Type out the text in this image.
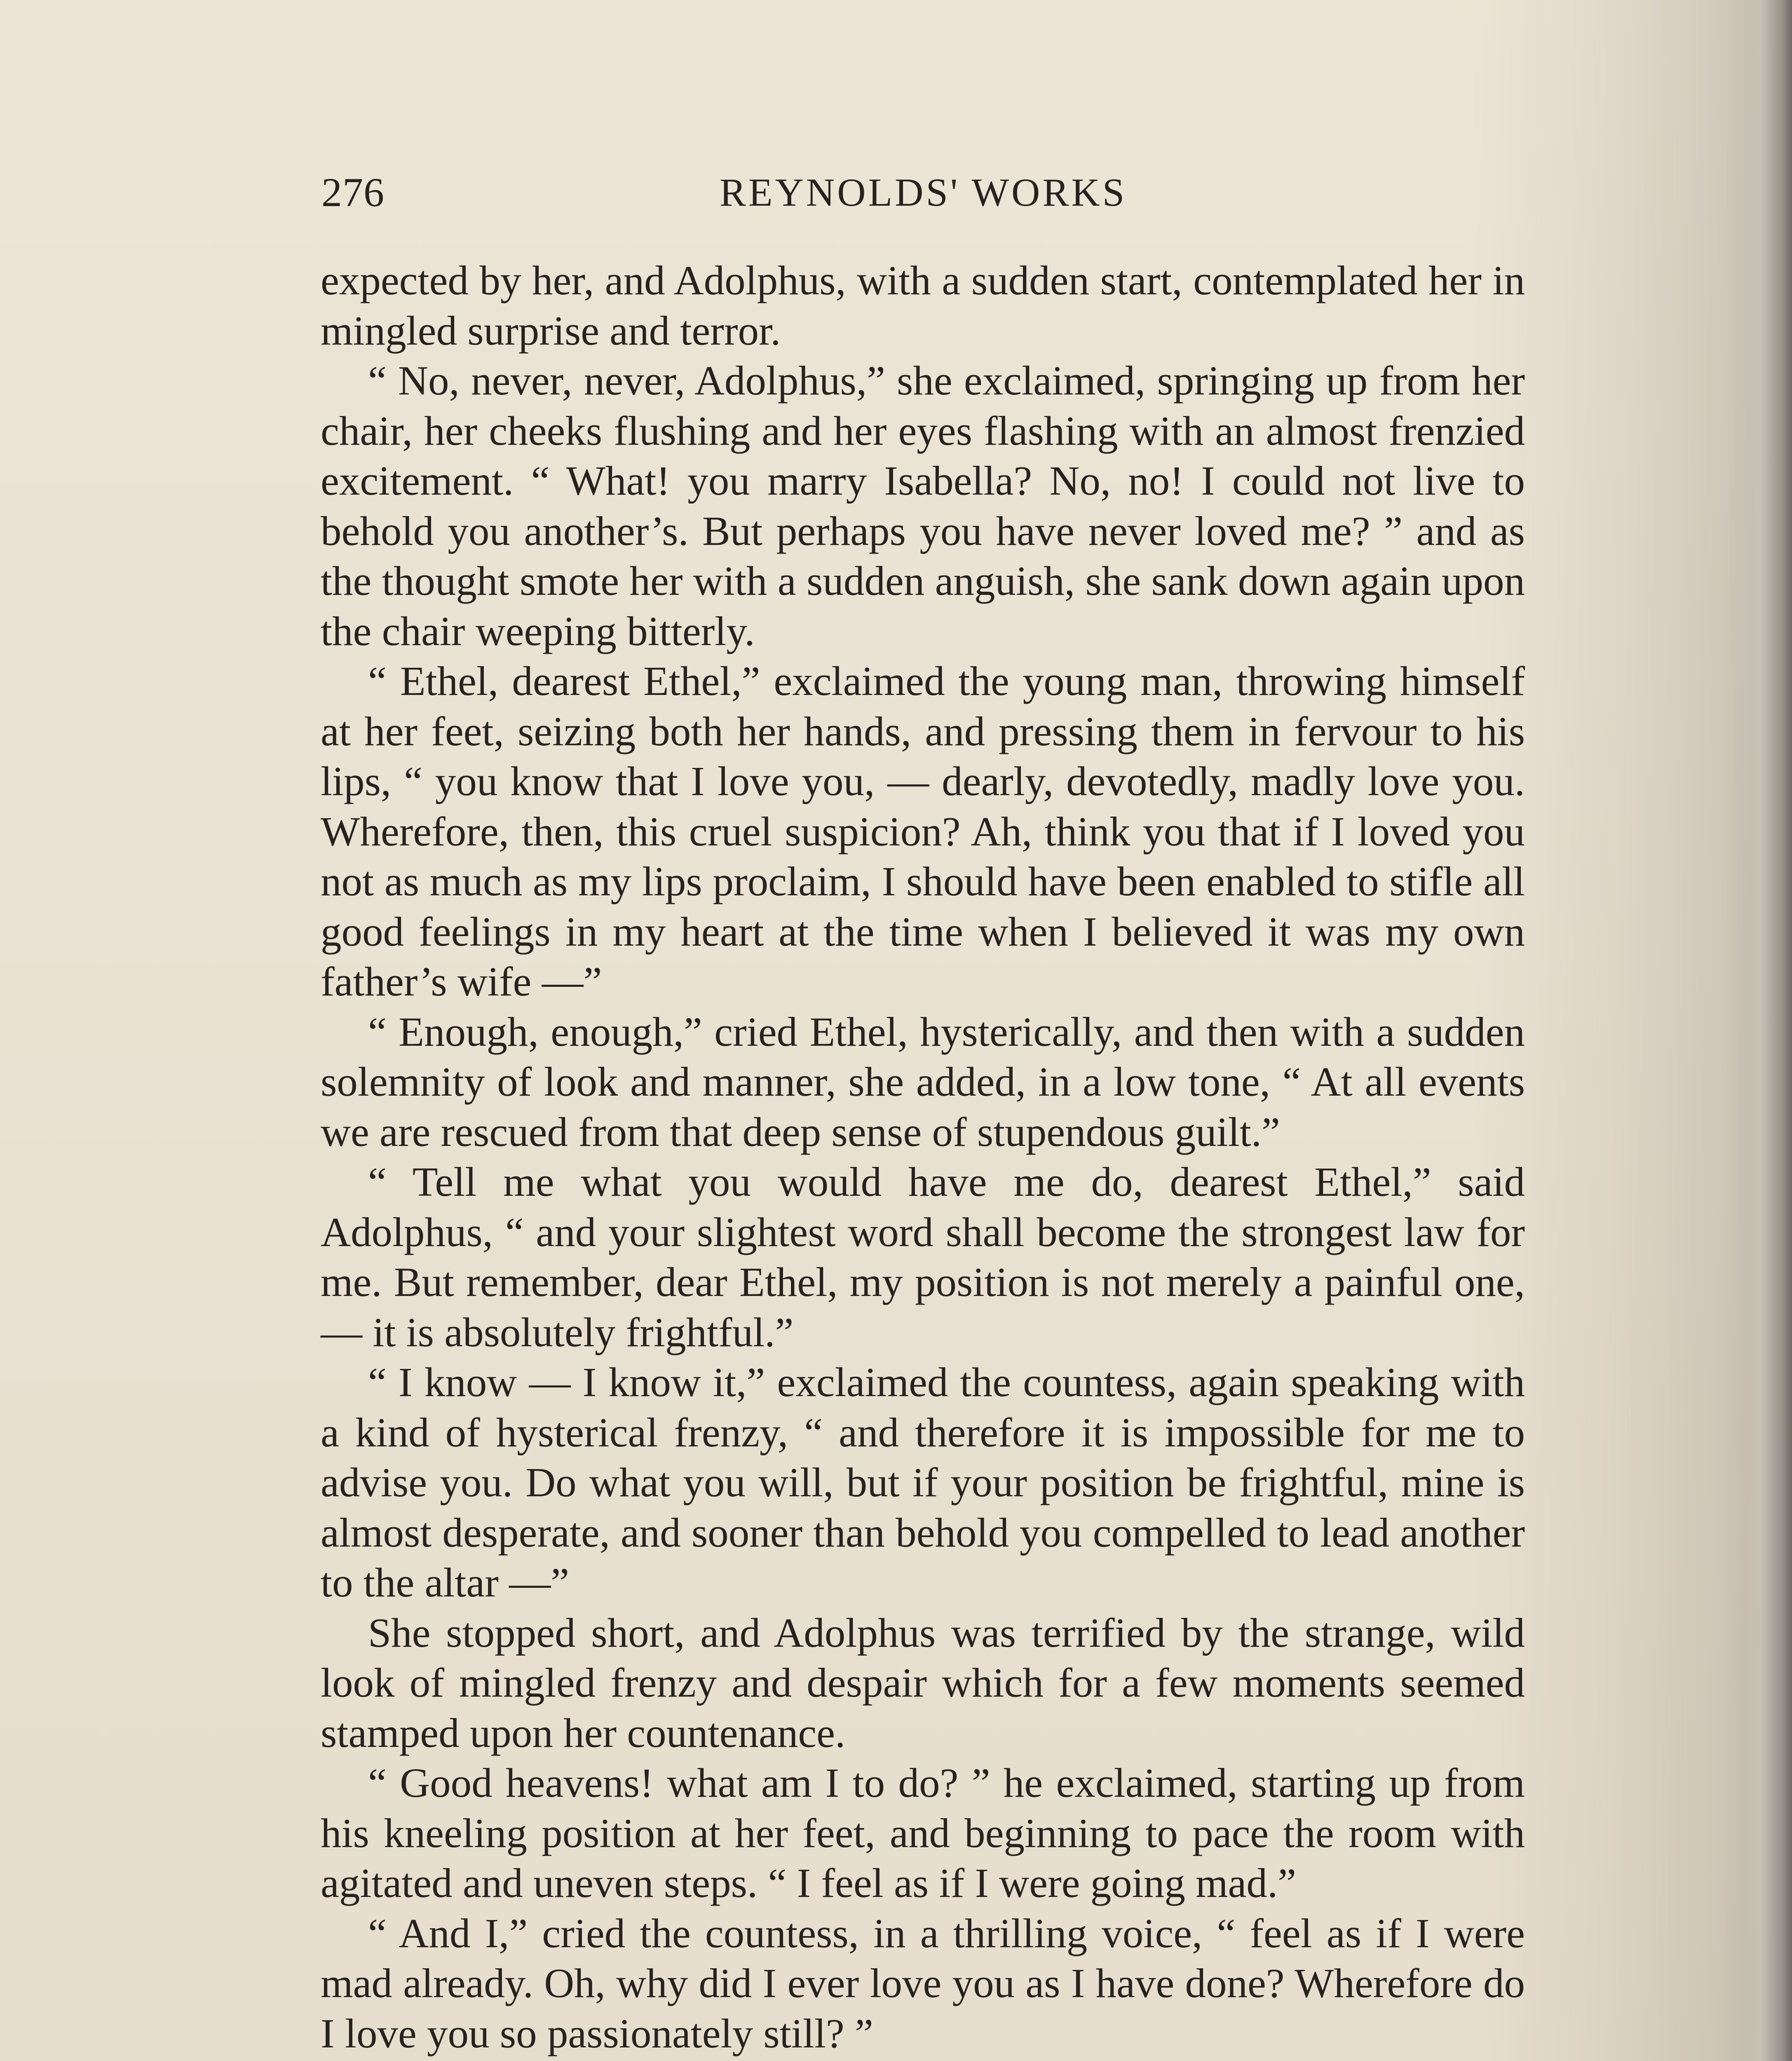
276	REYNOLDS' WORKS

expected by her, and Adolphus, with a sudden start, contemplated her in mingled surprise and terror.

“ No, never, never, Adolphus,” she exclaimed, springing up from her chair, her cheeks flushing and her eyes flashing with an almost frenzied excitement. “ What! you marry Isabella? No, no! I could not live to behold you another’s. But perhaps you have never loved me? ” and as the thought smote her with a sudden anguish, she sank down again upon the chair weeping bitterly.

“ Ethel, dearest Ethel,” exclaimed the young man, throwing himself at her feet, seizing both her hands, and pressing them in fervour to his lips, “ you know that I love you, — dearly, devotedly, madly love you. Wherefore, then, this cruel suspicion? Ah, think you that if I loved you not as much as my lips proclaim, I should have been enabled to stifle all good feelings in my heart at the time when I believed it was my own father’s wife —”

“ Enough, enough,” cried Ethel, hysterically, and then with a sudden solemnity of look and manner, she added, in a low tone, “ At all events we are rescued from that deep sense of stupendous guilt.”

“ Tell me what you would have me do, dearest Ethel,” said Adolphus, “ and your slightest word shall become the strongest law for me. But remember, dear Ethel, my position is not merely a painful one, — it is absolutely frightful.”

“ I know — I know it,” exclaimed the countess, again speaking with a kind of hysterical frenzy, “ and therefore it is impossible for me to advise you. Do what you will, but if your position be frightful, mine is almost desperate, and sooner than behold you compelled to lead another to the altar —”

She stopped short, and Adolphus was terrified by the strange, wild look of mingled frenzy and despair which for a few moments seemed stamped upon her countenance.

“ Good heavens! what am I to do? ” he exclaimed, starting up from his kneeling position at her feet, and beginning to pace the room with agitated and uneven steps. “ I feel as if I were going mad.”

“ And I,” cried the countess, in a thrilling voice, “ feel as if I were mad already. Oh, why did I ever love you as I have done? Wherefore do I love you so passionately still? ”
